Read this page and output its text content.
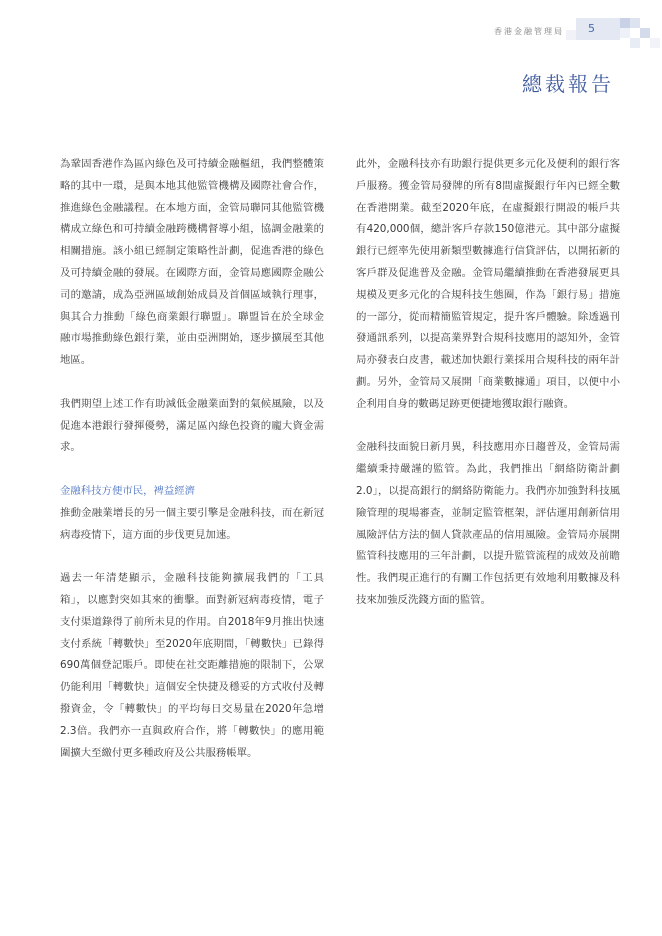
香港金融管理局 5
總裁報告

為鞏固香港作為區內綠色及可持續金融樞紐，我們整體策略的其中一環，是與本地其他監管機構及國際社會合作，推進綠色金融議程。在本地方面，金管局聯同其他監管機構成立綠色和可持續金融跨機構督導小組，協調金融業的相關措施。該小組已經制定策略性計劃，促進香港的綠色及可持續金融的發展。在國際方面，金管局應國際金融公司的邀請，成為亞洲區域創始成員及首個區域執行理事，與其合力推動「綠色商業銀行聯盟」。聯盟旨在於全球金融市場推動綠色銀行業，並由亞洲開始，逐步擴展至其他地區。

我們期望上述工作有助減低金融業面對的氣候風險，以及促進本港銀行發揮優勢，滿足區內綠色投資的龐大資金需求。

金融科技方便市民，裨益經濟

推動金融業增長的另一個主要引擎是金融科技，而在新冠病毒疫情下，這方面的步伐更見加速。

過去一年清楚顯示，金融科技能夠擴展我們的「工具箱」，以應對突如其來的衝擊。面對新冠病毒疫情，電子支付渠道錄得了前所未見的作用。自2018年9月推出快速支付系統「轉數快」至2020年底期間，「轉數快」已錄得690萬個登記賬戶。即使在社交距離措施的限制下，公眾仍能利用「轉數快」這個安全快捷及穩妥的方式收付及轉撥資金，令「轉數快」的平均每日交易量在2020年急增2.3倍。我們亦一直與政府合作，將「轉數快」的應用範圍擴大至繳付更多種政府及公共服務帳單。

此外，金融科技亦有助銀行提供更多元化及便利的銀行客戶服務。獲金管局發牌的所有8間虛擬銀行年內已經全數在香港開業。截至2020年底，在虛擬銀行開設的帳戶共有420,000個，總計客戶存款150億港元。其中部分虛擬銀行已經率先使用新類型數據進行信貸評估，以開拓新的客戶群及促進普及金融。金管局繼續推動在香港發展更具規模及更多元化的合規科技生態圈，作為「銀行易」措施的一部分，從而精簡監管規定，提升客戶體驗。除透過刊發通訊系列，以提高業界對合規科技應用的認知外，金管局亦發表白皮書，載述加快銀行業採用合規科技的兩年計劃。另外，金管局又展開「商業數據通」項目，以便中小企利用自身的數碼足跡更便捷地獲取銀行融資。

金融科技面貌日新月異，科技應用亦日趨普及，金管局需繼續秉持嚴謹的監管。為此，我們推出「網絡防衛計劃2.0」，以提高銀行的網絡防衛能力。我們亦加強對科技風險管理的現場審查，並制定監管框架，評估運用創新信用風險評估方法的個人貸款產品的信用風險。金管局亦展開監管科技應用的三年計劃，以提升監管流程的成效及前瞻性。我們現正進行的有關工作包括更有效地利用數據及科技來加強反洗錢方面的監管。
